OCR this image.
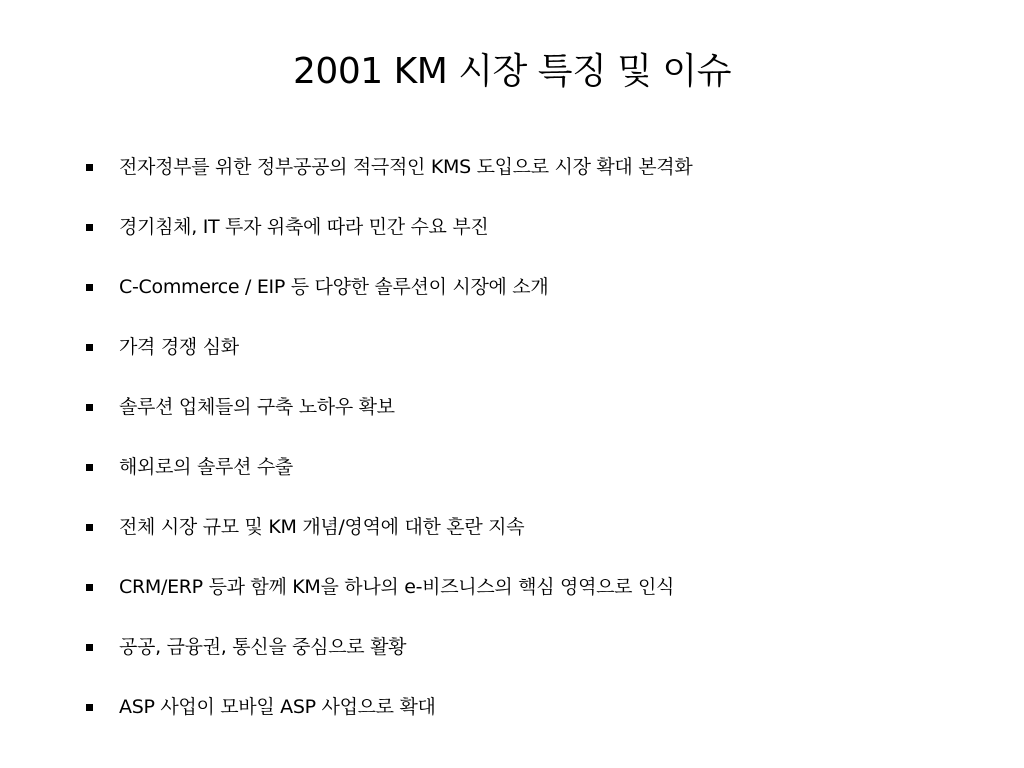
2001 KM 시장 특징 및 이슈
전자정부를 위한 정부공공의 적극적인 KMS 도입으로 시장 확대 본격화
경기침체, IT 투자 위축에 따라 민간 수요 부진
C-Commerce / EIP 등 다양한 솔루션이 시장에 소개
가격 경쟁 심화
솔루션 업체들의 구축 노하우 확보
해외로의 솔루션 수출
전체 시장 규모 및 KM 개념/영역에 대한 혼란 지속
CRM/ERP 등과 함께 KM을 하나의 e-비즈니스의 핵심 영역으로 인식
공공, 금융권, 통신을 중심으로 활황
ASP 사업이 모바일 ASP 사업으로 확대
